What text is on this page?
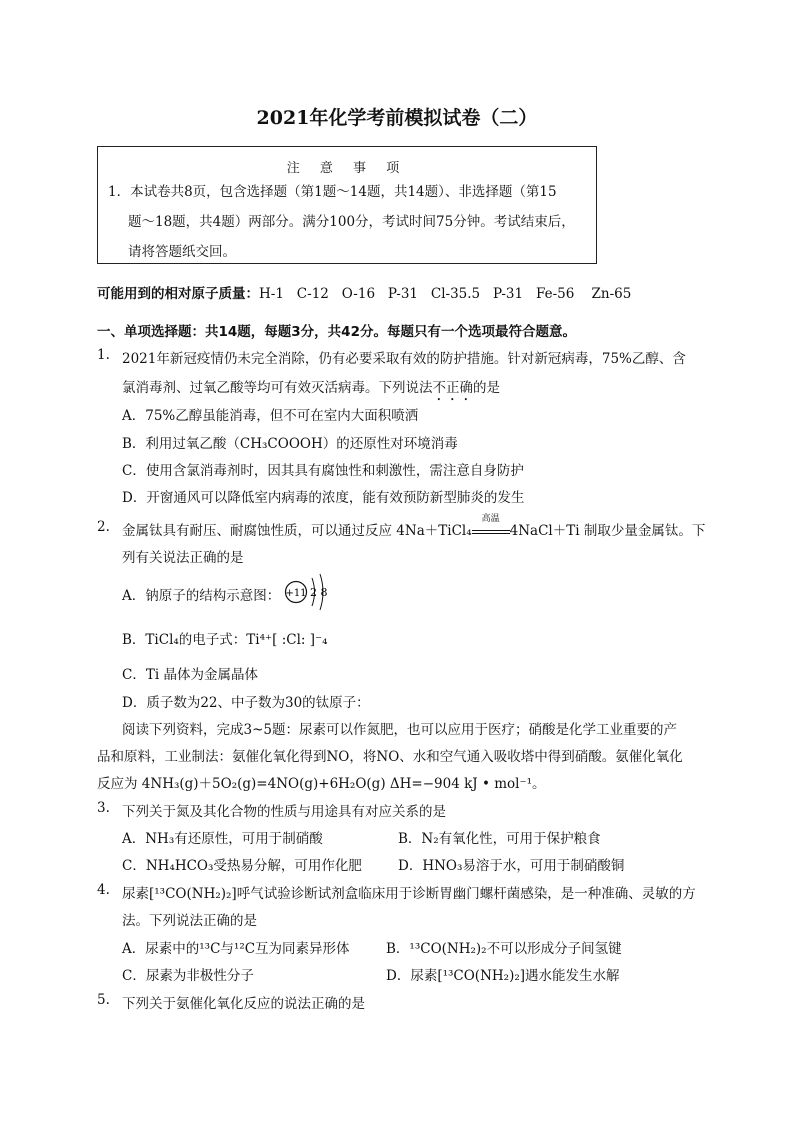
2021年化学考前模拟试卷（二）
注 意 事 项
1．本试卷共8页，包含选择题（第1题～14题，共14题）、非选择题（第15
题～18题，共4题）两部分。满分100分，考试时间75分钟。考试结束后，
请将答题纸交回。
可能用到的相对原子质量：H-1   C-12   O-16   P-31   Cl-35.5   P-31   Fe-56    Zn-65
一、单项选择题：共14题，每题3分，共42分。每题只有一个选项最符合题意。
1. 2021年新冠疫情仍未完全消除，仍有必要采取有效的防护措施。针对新冠病毒，75%乙醇、含
氯消毒剂、过氧乙酸等均可有效灭活病毒。下列说法不正确的是
A．75%乙醇虽能消毒，但不可在室内大面积喷洒
B．利用过氧乙酸（CH₃COOOH）的还原性对环境消毒
C．使用含氯消毒剂时，因其具有腐蚀性和刺激性，需注意自身防护
D．开窗通风可以降低室内病毒的浓度，能有效预防新型肺炎的发生
2. 金属钛具有耐压、耐腐蚀性质，可以通过反应 4Na＋TiCl₄
高温
4NaCl＋Ti 制取少量金属钛。下
列有关说法正确的是
A．钠原子的结构示意图： +11 2 8
B．TiCl₄的电子式：Ti⁴⁺[ :Cl: ]⁻₄
C．Ti 晶体为金属晶体
D．质子数为22、中子数为30的钛原子：
阅读下列资料，完成3~5题：尿素可以作氮肥，也可以应用于医疗；硝酸是化学工业重要的产
品和原料，工业制法：氨催化氧化得到NO，将NO、水和空气通入吸收塔中得到硝酸。氨催化氧化
反应为 4NH₃(g)＋5O₂(g)=4NO(g)+6H₂O(g) ΔH=−904 kJ • mol⁻¹。
3. 下列关于氮及其化合物的性质与用途具有对应关系的是
A．NH₃有还原性，可用于制硝酸	B．N₂有氧化性，可用于保护粮食
C．NH₄HCO₃受热易分解，可用作化肥	D．HNO₃易溶于水，可用于制硝酸铜
4. 尿素[¹³CO(NH₂)₂]呼气试验诊断试剂盒临床用于诊断胃幽门螺杆菌感染，是一种准确、灵敏的方
法。下列说法正确的是
A．尿素中的¹³C与¹²C互为同素异形体	B．¹³CO(NH₂)₂不可以形成分子间氢键
C．尿素为非极性分子	D．尿素[¹³CO(NH₂)₂]遇水能发生水解
5. 下列关于氨催化氧化反应的说法正确的是
